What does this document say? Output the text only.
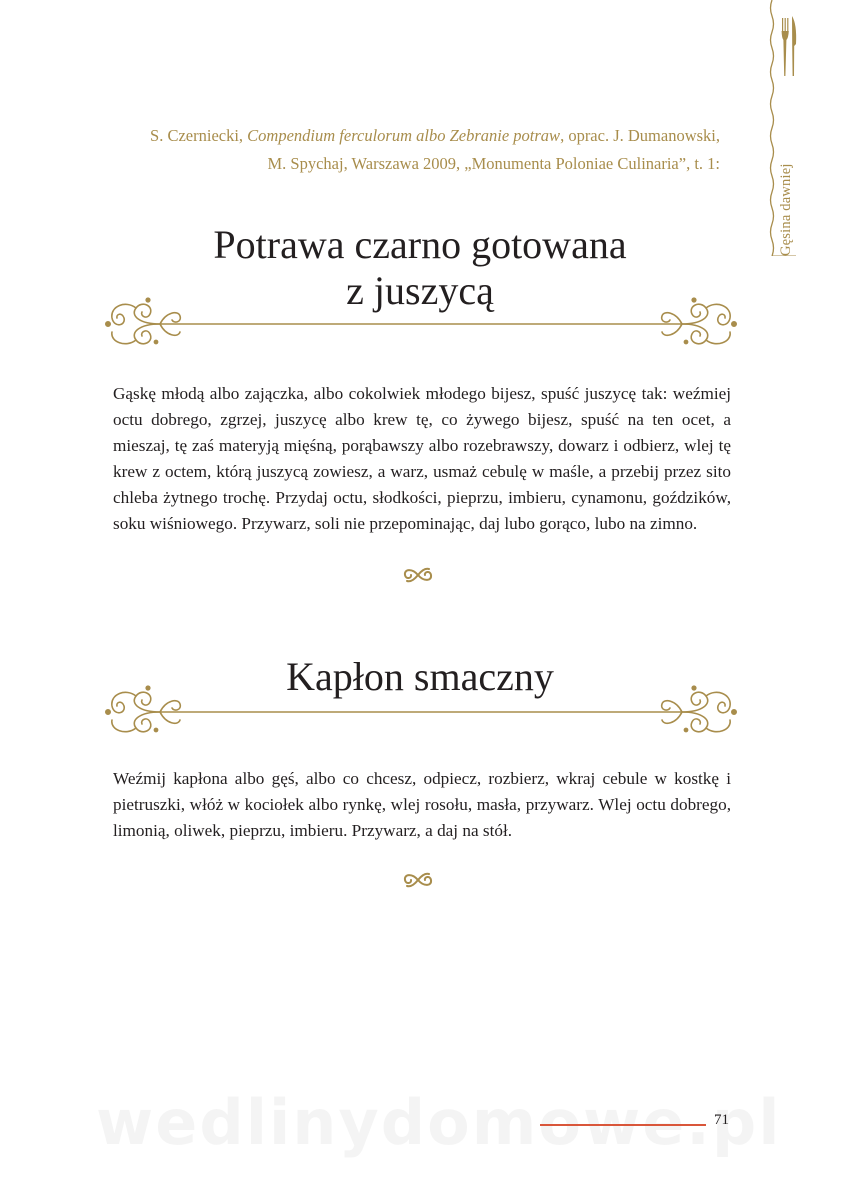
Gęsina dawniej
S. Czerniecki, Compendium ferculorum albo Zebranie potraw, oprac. J. Dumanowski,
M. Spychaj, Warszawa 2009, „Monumenta Poloniae Culinaria”, t. 1:
Potrawa czarno gotowana
z juszycą

Gąskę młodą albo zajączka, albo cokolwiek młodego bijesz, spuść juszycę tak: weźmiej octu dobrego, zgrzej, juszycę albo krew tę, co żywego bijesz, spuść na ten ocet, a mieszaj, tę zaś materyją mięśną, porąbawszy albo rozebrawszy, dowarz i odbierz, wlej tę krew z octem, którą juszycą zowiesz, a warz, usmaż cebulę w maśle, a przebij przez sito chleba żytnego trochę. Przydaj octu, słodkości, pieprzu, imbieru, cynamonu, goździków, soku wiśniowego. Przywarz, soli nie przepominając, daj lubo gorąco, lubo na zimno.

Kapłon smaczny

Weźmij kapłona albo gęś, albo co chcesz, odpiecz, rozbierz, wkraj cebule w kostkę i pietruszki, włóż w kociołek albo rynkę, wlej rosołu, masła, przywarz. Wlej octu dobrego, limonią, oliwek, pieprzu, imbieru. Przywarz, a daj na stół.

71
